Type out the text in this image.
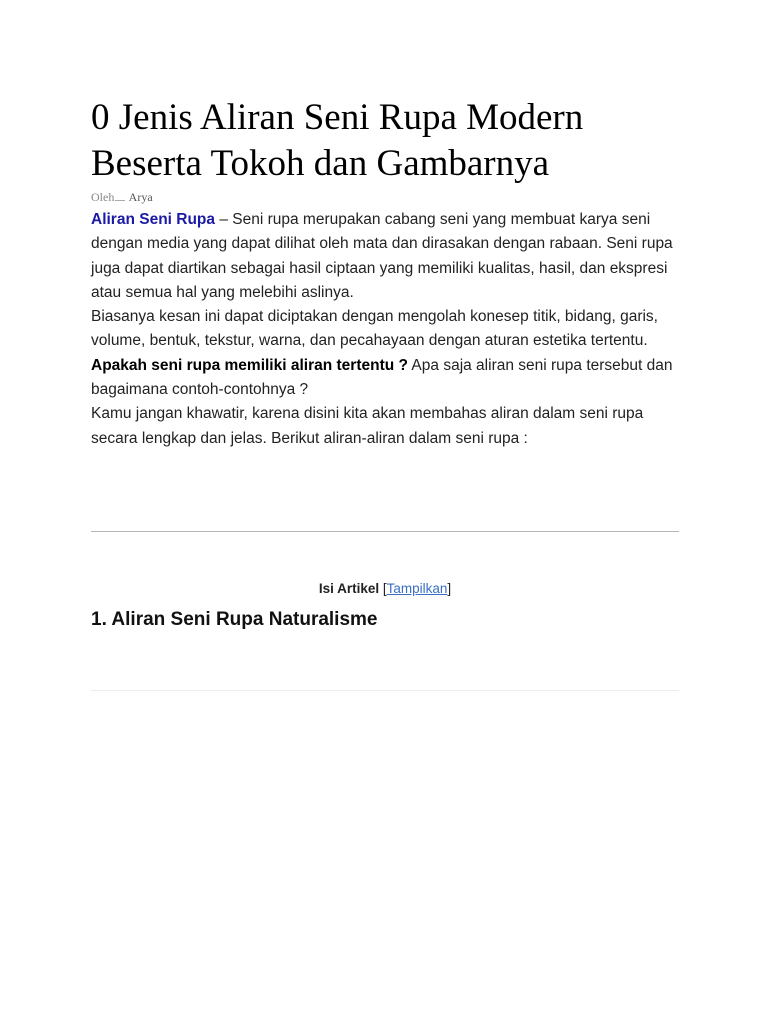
0 Jenis Aliran Seni Rupa Modern Beserta Tokoh dan Gambarnya
Oleh Arya

Aliran Seni Rupa – Seni rupa merupakan cabang seni yang membuat karya seni dengan media yang dapat dilihat oleh mata dan dirasakan dengan rabaan. Seni rupa juga dapat diartikan sebagai hasil ciptaan yang memiliki kualitas, hasil, dan ekspresi atau semua hal yang melebihi aslinya.

Biasanya kesan ini dapat diciptakan dengan mengolah konesep titik, bidang, garis, volume, bentuk, tekstur, warna, dan pecahayaan dengan aturan estetika tertentu.

Apakah seni rupa memiliki aliran tertentu ? Apa saja aliran seni rupa tersebut dan bagaimana contoh-contohnya ?

Kamu jangan khawatir, karena disini kita akan membahas aliran dalam seni rupa secara lengkap dan jelas. Berikut aliran-aliran dalam seni rupa :

Isi Artikel [Tampilkan]
1. Aliran Seni Rupa Naturalisme
